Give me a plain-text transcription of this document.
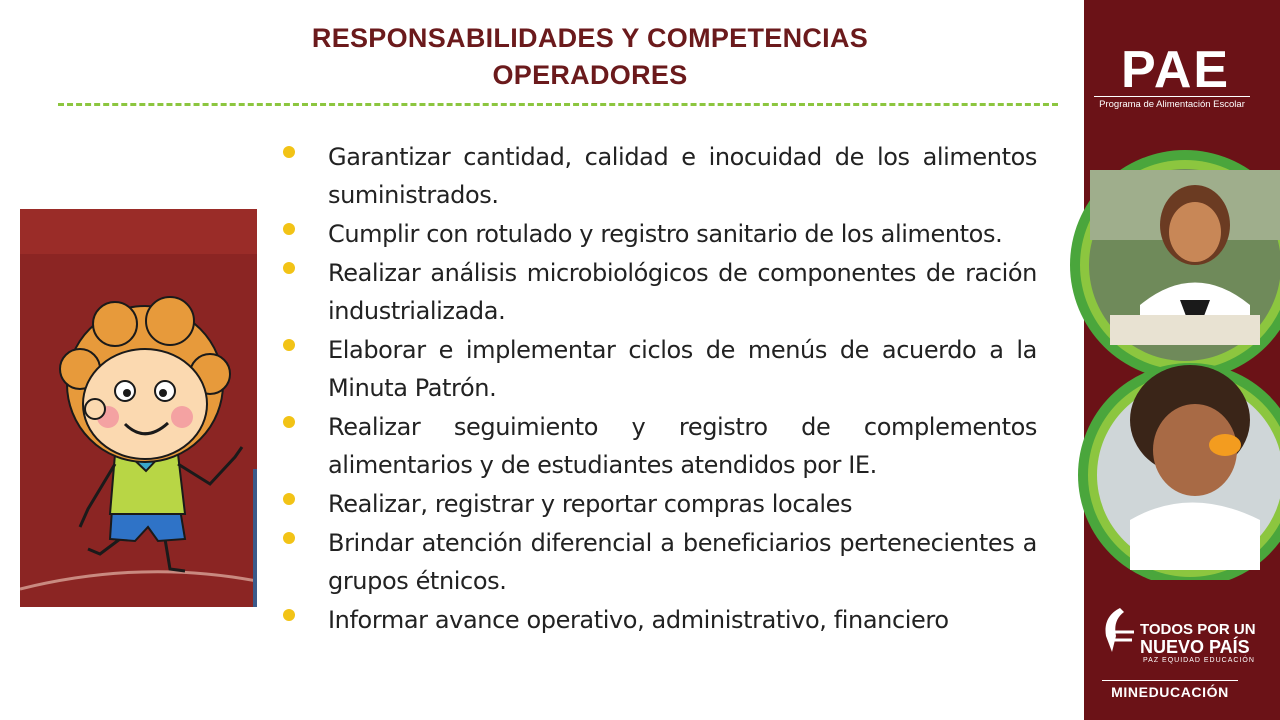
RESPONSABILIDADES Y COMPETENCIAS
OPERADORES
Garantizar cantidad, calidad e inocuidad de los alimentos suministrados.
Cumplir con rotulado y registro sanitario de los alimentos.
Realizar análisis microbiológicos de componentes de ración industrializada.
Elaborar e implementar ciclos de menús de acuerdo a la Minuta Patrón.
Realizar seguimiento y registro de complementos alimentarios y de estudiantes atendidos por IE.
Realizar, registrar y reportar compras locales
Brindar atención diferencial a beneficiarios pertenecientes a grupos étnicos.
Informar avance operativo, administrativo, financiero
PAE
Programa de Alimentación Escolar
TODOS POR UN
NUEVO PAÍS
PAZ EQUIDAD EDUCACIÓN
MINEDUCACIÓN
